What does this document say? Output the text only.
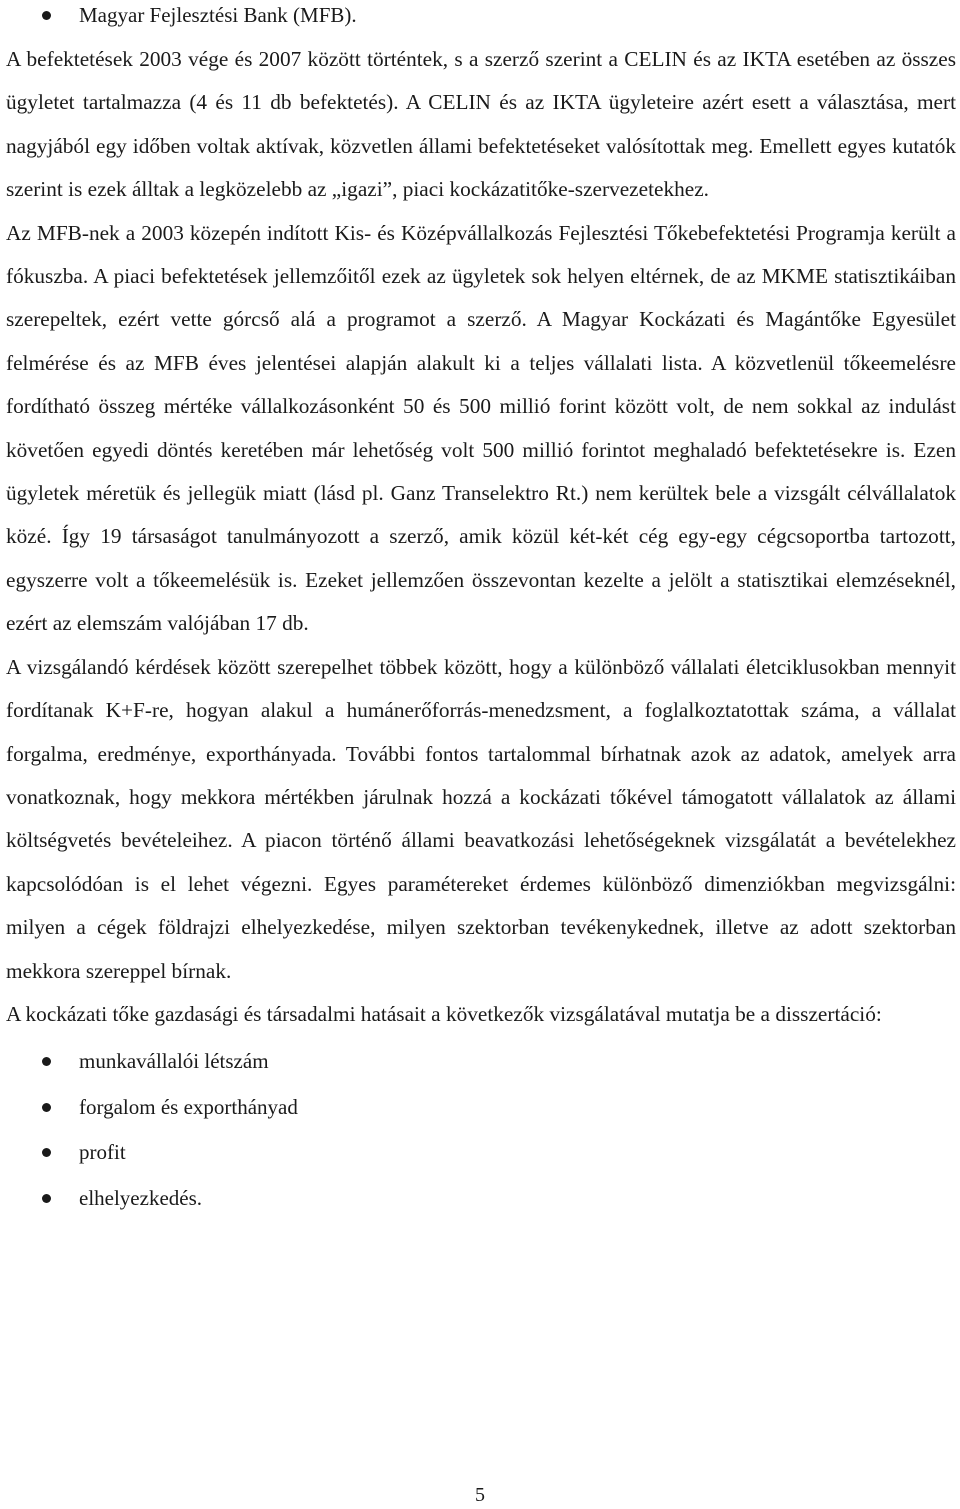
Magyar Fejlesztési Bank (MFB).

A befektetések 2003 vége és 2007 között történtek, s a szerző szerint a CELIN és az IKTA esetében az összes ügyletet tartalmazza (4 és 11 db befektetés). A CELIN és az IKTA ügyleteire azért esett a választása, mert nagyjából egy időben voltak aktívak, közvetlen állami befektetéseket valósítottak meg. Emellett egyes kutatók szerint is ezek álltak a legközelebb az „igazi”, piaci kockázatitőke-szervezetekhez.

Az MFB-nek a 2003 közepén indított Kis- és Középvállalkozás Fejlesztési Tőkebefektetési Programja került a fókuszba. A piaci befektetések jellemzőitől ezek az ügyletek sok helyen eltérnek, de az MKME statisztikáiban szerepeltek, ezért vette górcső alá a programot a szerző. A Magyar Kockázati és Magántőke Egyesület felmérése és az MFB éves jelentései alapján alakult ki a teljes vállalati lista. A közvetlenül tőkeemelésre fordítható összeg mértéke vállalkozásonként 50 és 500 millió forint között volt, de nem sokkal az indulást követően egyedi döntés keretében már lehetőség volt 500 millió forintot meghaladó befektetésekre is. Ezen ügyletek méretük és jellegük miatt (lásd pl. Ganz Transelektro Rt.) nem kerültek bele a vizsgált célvállalatok közé. Így 19 társaságot tanulmányozott a szerző, amik közül két-két cég egy-egy cégcsoportba tartozott, egyszerre volt a tőkeemelésük is. Ezeket jellemzően összevontan kezelte a jelölt a statisztikai elemzéseknél, ezért az elemszám valójában 17 db.

A vizsgálandó kérdések között szerepelhet többek között, hogy a különböző vállalati életciklusokban mennyit fordítanak K+F-re, hogyan alakul a humánerőforrás-menedzsment, a foglalkoztatottak száma, a vállalat forgalma, eredménye, exporthányada. További fontos tartalommal bírhatnak azok az adatok, amelyek arra vonatkoznak, hogy mekkora mértékben járulnak hozzá a kockázati tőkével támogatott vállalatok az állami költségvetés bevételeihez. A piacon történő állami beavatkozási lehetőségeknek vizsgálatát a bevételekhez kapcsolódóan is el lehet végezni. Egyes paramétereket érdemes különböző dimenziókban megvizsgálni: milyen a cégek földrajzi elhelyezkedése, milyen szektorban tevékenykednek, illetve az adott szektorban mekkora szereppel bírnak.

A kockázati tőke gazdasági és társadalmi hatásait a következők vizsgálatával mutatja be a disszertáció:

munkavállalói létszám
forgalom és exporthányad
profit
elhelyezkedés.
5
